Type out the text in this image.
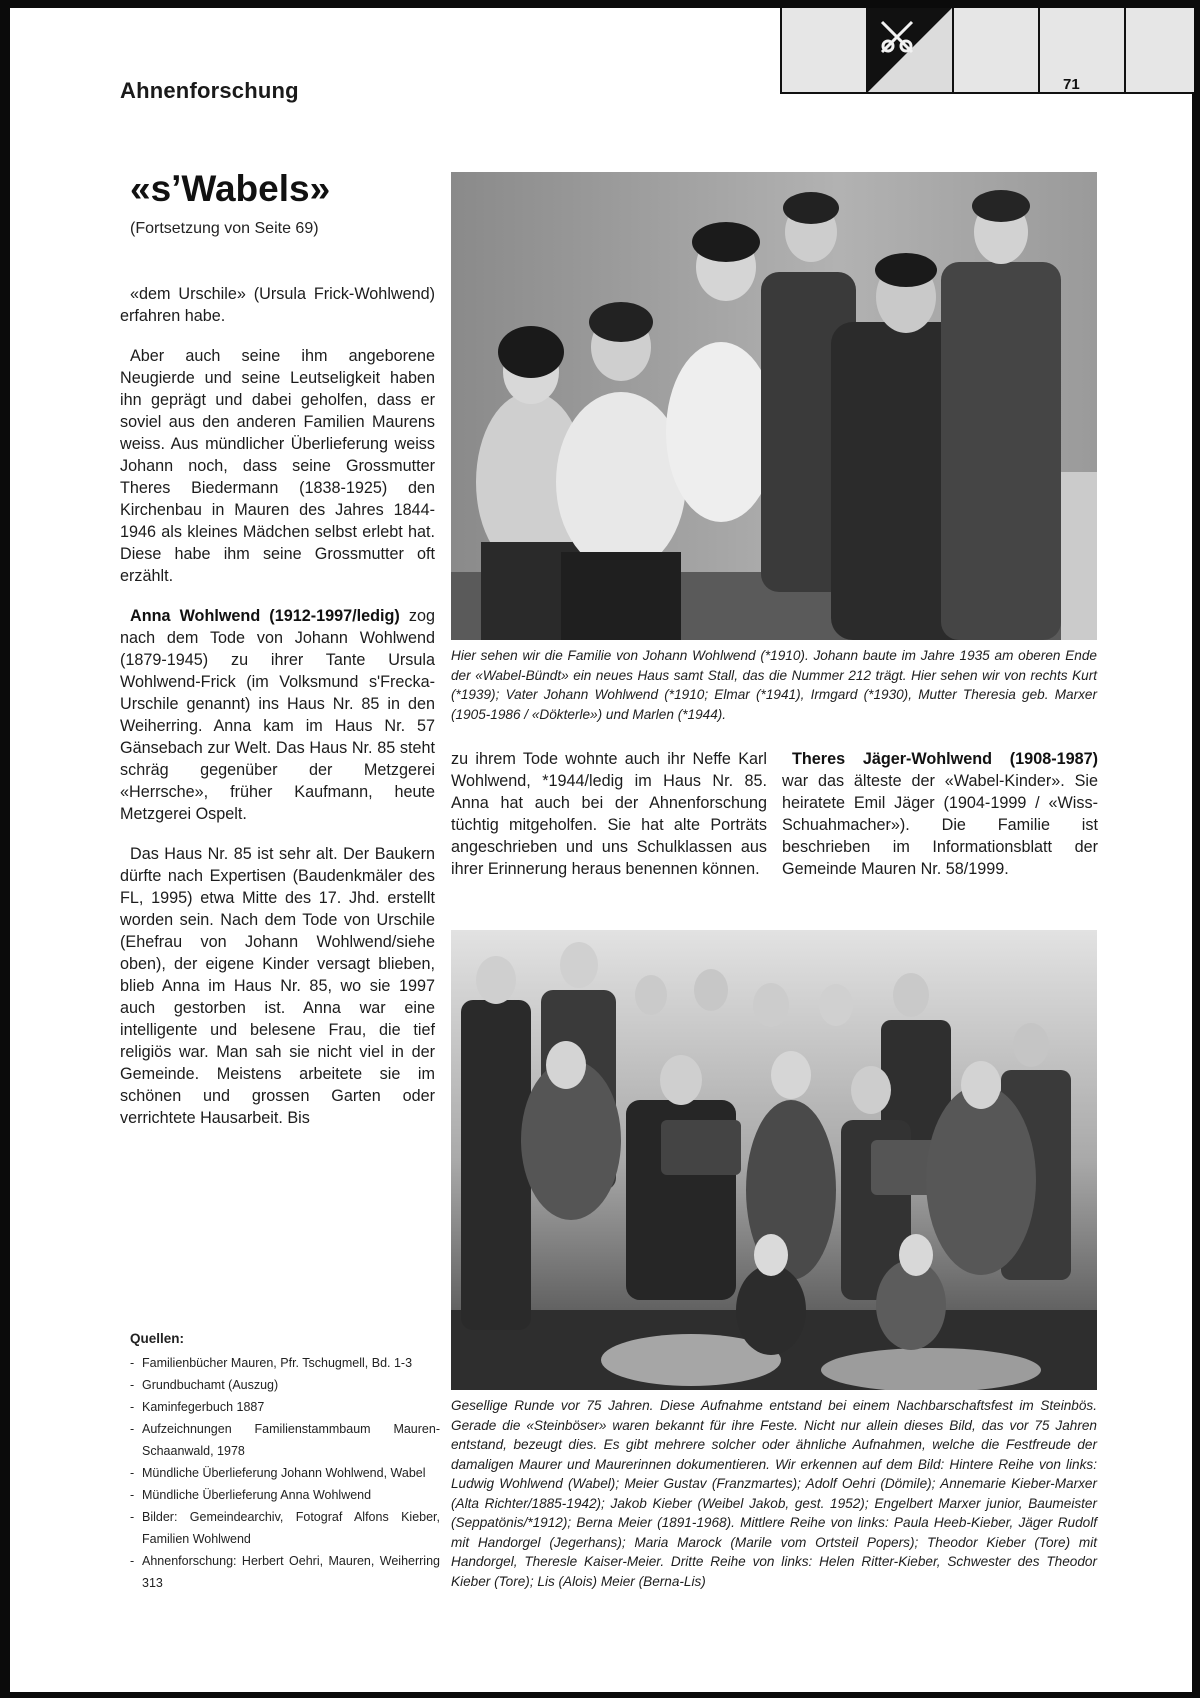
Ahnenforschung	71
«s’Wabels»
(Fortsetzung von Seite 69)

«dem Urschile» (Ursula Frick-Wohlwend) erfahren habe.

Aber auch seine ihm angeborene Neugierde und seine Leutseligkeit haben ihn geprägt und dabei geholfen, dass er soviel aus den anderen Familien Maurens weiss. Aus mündlicher Überlieferung weiss Johann noch, dass seine Grossmutter Theres Biedermann (1838-1925) den Kirchenbau in Mauren des Jahres 1844-1946 als kleines Mädchen selbst erlebt hat. Diese habe ihm seine Grossmutter oft erzählt.

Anna Wohlwend (1912-1997/ledig) zog nach dem Tode von Johann Wohlwend (1879-1945) zu ihrer Tante Ursula Wohlwend-Frick (im Volksmund s'Frecka-Urschile genannt) ins Haus Nr. 85 in den Weiherring. Anna kam im Haus Nr. 57 Gänsebach zur Welt. Das Haus Nr. 85 steht schräg gegenüber der Metzgerei «Herrsche», früher Kaufmann, heute Metzgerei Ospelt.

Das Haus Nr. 85 ist sehr alt. Der Baukern dürfte nach Expertisen (Baudenkmäler des FL, 1995) etwa Mitte des 17. Jhd. erstellt worden sein. Nach dem Tode von Urschile (Ehefrau von Johann Wohlwend/siehe oben), der eigene Kinder versagt blieben, blieb Anna im Haus Nr. 85, wo sie 1997 auch gestorben ist. Anna war eine intelligente und belesene Frau, die tief religiös war. Man sah sie nicht viel in der Gemeinde. Meistens arbeitete sie im schönen und grossen Garten oder verrichtete Hausarbeit. Bis

Hier sehen wir die Familie von Johann Wohlwend (*1910). Johann baute im Jahre 1935 am oberen Ende der «Wabel-Bündt» ein neues Haus samt Stall, das die Nummer 212 trägt. Hier sehen wir von rechts Kurt (*1939); Vater Johann Wohlwend (*1910; Elmar (*1941), Irmgard (*1930), Mutter Theresia geb. Marxer (1905-1986 / «Dökterle») und Marlen (*1944).

zu ihrem Tode wohnte auch ihr Neffe Karl Wohlwend, *1944/ledig im Haus Nr. 85. Anna hat auch bei der Ahnenforschung tüchtig mitgeholfen. Sie hat alte Porträts angeschrieben und uns Schulklassen aus ihrer Erinnerung heraus benennen können.

Theres Jäger-Wohlwend (1908-1987) war das älteste der «Wabel-Kinder». Sie heiratete Emil Jäger (1904-1999 / «Wiss-Schuahmacher»). Die Familie ist beschrieben im Informationsblatt der Gemeinde Mauren Nr. 58/1999.

Gesellige Runde vor 75 Jahren. Diese Aufnahme entstand bei einem Nachbarschaftsfest im Steinbös. Gerade die «Steinböser» waren bekannt für ihre Feste. Nicht nur allein dieses Bild, das vor 75 Jahren entstand, bezeugt dies. Es gibt mehrere solcher oder ähnliche Aufnahmen, welche die Festfreude der damaligen Maurer und Maurerinnen dokumentieren. Wir erkennen auf dem Bild: Hintere Reihe von links: Ludwig Wohlwend (Wabel); Meier Gustav (Franzmartes); Adolf Oehri (Dömile); Annemarie Kieber-Marxer (Alta Richter/1885-1942); Jakob Kieber (Weibel Jakob, gest. 1952); Engelbert Marxer junior, Baumeister (Seppatönis/*1912); Berna Meier (1891-1968). Mittlere Reihe von links: Paula Heeb-Kieber, Jäger Rudolf mit Handorgel (Jegerhans); Maria Marock (Marile vom Ortsteil Popers); Theodor Kieber (Tore) mit Handorgel, Theresle Kaiser-Meier. Dritte Reihe von links: Helen Ritter-Kieber, Schwester des Theodor Kieber (Tore); Lis (Alois) Meier (Berna-Lis)
Quellen:
- Familienbücher Mauren, Pfr. Tschugmell, Bd. 1-3
- Grundbuchamt (Auszug)
- Kaminfegerbuch 1887
- Aufzeichnungen Familienstammbaum Mauren-Schaanwald, 1978
- Mündliche Überlieferung Johann Wohlwend, Wabel
- Mündliche Überlieferung Anna Wohlwend
- Bilder: Gemeindearchiv, Fotograf Alfons Kieber, Familien Wohlwend
- Ahnenforschung: Herbert Oehri, Mauren, Weiherring 313
